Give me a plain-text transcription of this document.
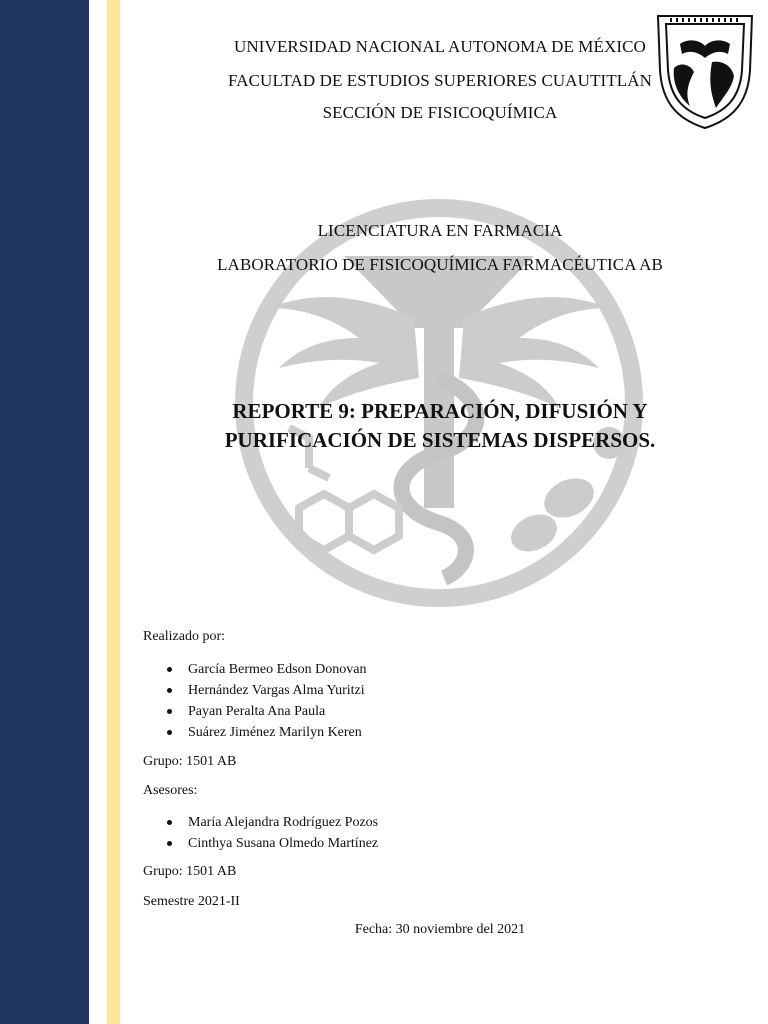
UNIVERSIDAD NACIONAL AUTONOMA DE MÉXICO
FACULTAD DE ESTUDIOS SUPERIORES CUAUTITLÁN
SECCIÓN DE FISICOQUÍMICA
LICENCIATURA EN FARMACIA
LABORATORIO DE FISICOQUÍMICA FARMACÉUTICA AB
REPORTE 9: PREPARACIÓN, DIFUSIÓN Y
PURIFICACIÓN DE SISTEMAS DISPERSOS.
Realizado por:
García Bermeo Edson Donovan
Hernández Vargas Alma Yuritzi
Payan Peralta Ana Paula
Suárez Jiménez Marilyn Keren
Grupo: 1501 AB
Asesores:
María Alejandra Rodríguez Pozos
Cinthya Susana Olmedo Martínez
Grupo: 1501 AB
Semestre 2021-II
Fecha: 30 noviembre del 2021
